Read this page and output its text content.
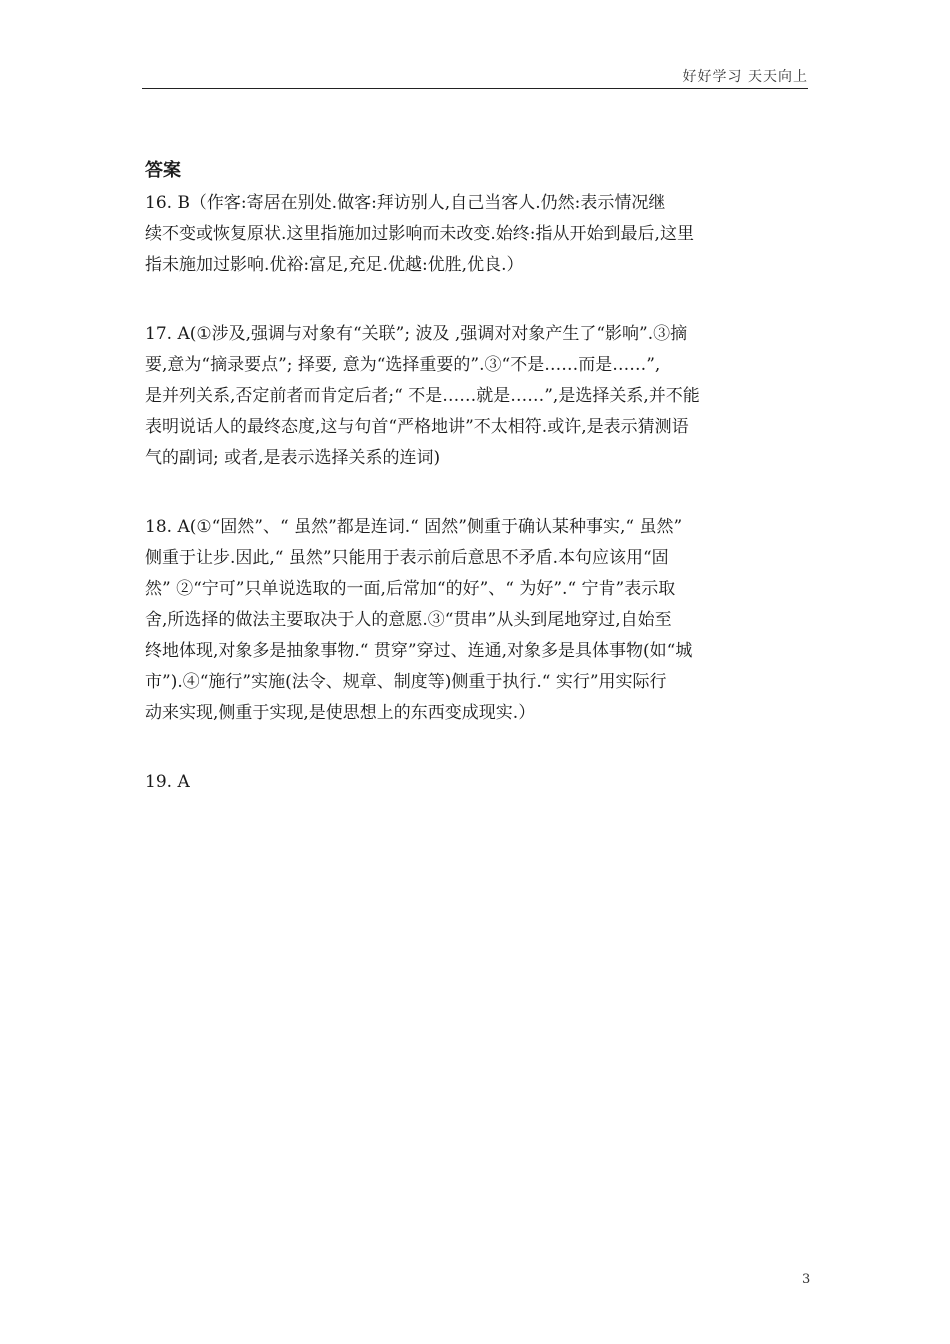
好好学习 天天向上
答案
16. B（作客:寄居在别处.做客:拜访别人,自己当客人.仍然:表示情况继
续不变或恢复原状.这里指施加过影响而未改变.始终:指从开始到最后,这里
指未施加过影响.优裕:富足,充足.优越:优胜,优良.）
17. A(①涉及,强调与对象有“关联”; 波及 ,强调对对象产生了“影响”.③摘
要,意为“摘录要点”; 择要, 意为“选择重要的”.③“不是……而是……”,
是并列关系,否定前者而肯定后者;“ 不是……就是……”,是选择关系,并不能
表明说话人的最终态度,这与句首“严格地讲”不太相符.或许,是表示猜测语
气的副词; 或者,是表示选择关系的连词)
18. A(①“固然”、“ 虽然”都是连词.“ 固然”侧重于确认某种事实,“ 虽然”
侧重于让步.因此,“ 虽然”只能用于表示前后意思不矛盾.本句应该用“固
然” ②“宁可”只单说选取的一面,后常加“的好”、“ 为好”.“ 宁肯”表示取
舍,所选择的做法主要取决于人的意愿.③“贯串”从头到尾地穿过,自始至
终地体现,对象多是抽象事物.“ 贯穿”穿过、连通,对象多是具体事物(如“城
市”).④“施行”实施(法令、规章、制度等)侧重于执行.“ 实行”用实际行
动来实现,侧重于实现,是使思想上的东西变成现实.）
19. A
3
